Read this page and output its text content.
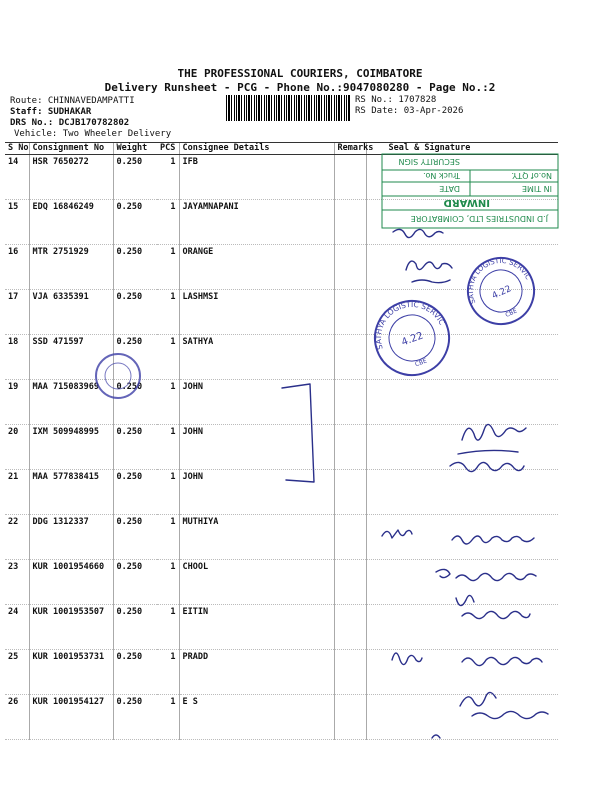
THE PROFESSIONAL COURIERS, COIMBATORE
Delivery Runsheet - PCG - Phone No.:9047080280 - Page No.:2
Route: CHINNAVEDAMPATTI
Staff: SUDHAKAR
DRS No.: DCJB170782802
Vehicle: Two Wheeler Delivery
RS No.: 1707828
RS Date: 03-Apr-2026
S No	Consignment No	Weight	PCS	Consignee Details	Remarks	Seal & Signature
14	HSR 7650272	0.250	1	IFB		
15	EDQ 16846249	0.250	1	JAYAMNAPANI		
16	MTR 2751929	0.250	1	ORANGE		
17	VJA 6335391	0.250	1	LASHMSI		
18	SSD 471597	0.250	1	SATHYA		
19	MAA 715083969	0.250	1	JOHN		
20	IXM 509948995	0.250	1	JOHN		
21	MAA 577838415	0.250	1	JOHN		
22	DDG 1312337	0.250	1	MUTHIYA		
23	KUR 1001954660	0.250	1	CHOOL		
24	KUR 1001953507	0.250	1	EITIN		
25	KUR 1001953731	0.250	1	PRADD		
26	KUR 1001954127	0.250	1	E S		
J.D INDUSTRIES LTD, COIMBATORE
INWARD
IN TIME
DATE
No.of QTY.
Truck No.
SECURITY SIGN
SATHYA LOGISTIC SERVICES
4.22
CBE
SATHYA LOGISTIC SERVICES
4.22
CBE
